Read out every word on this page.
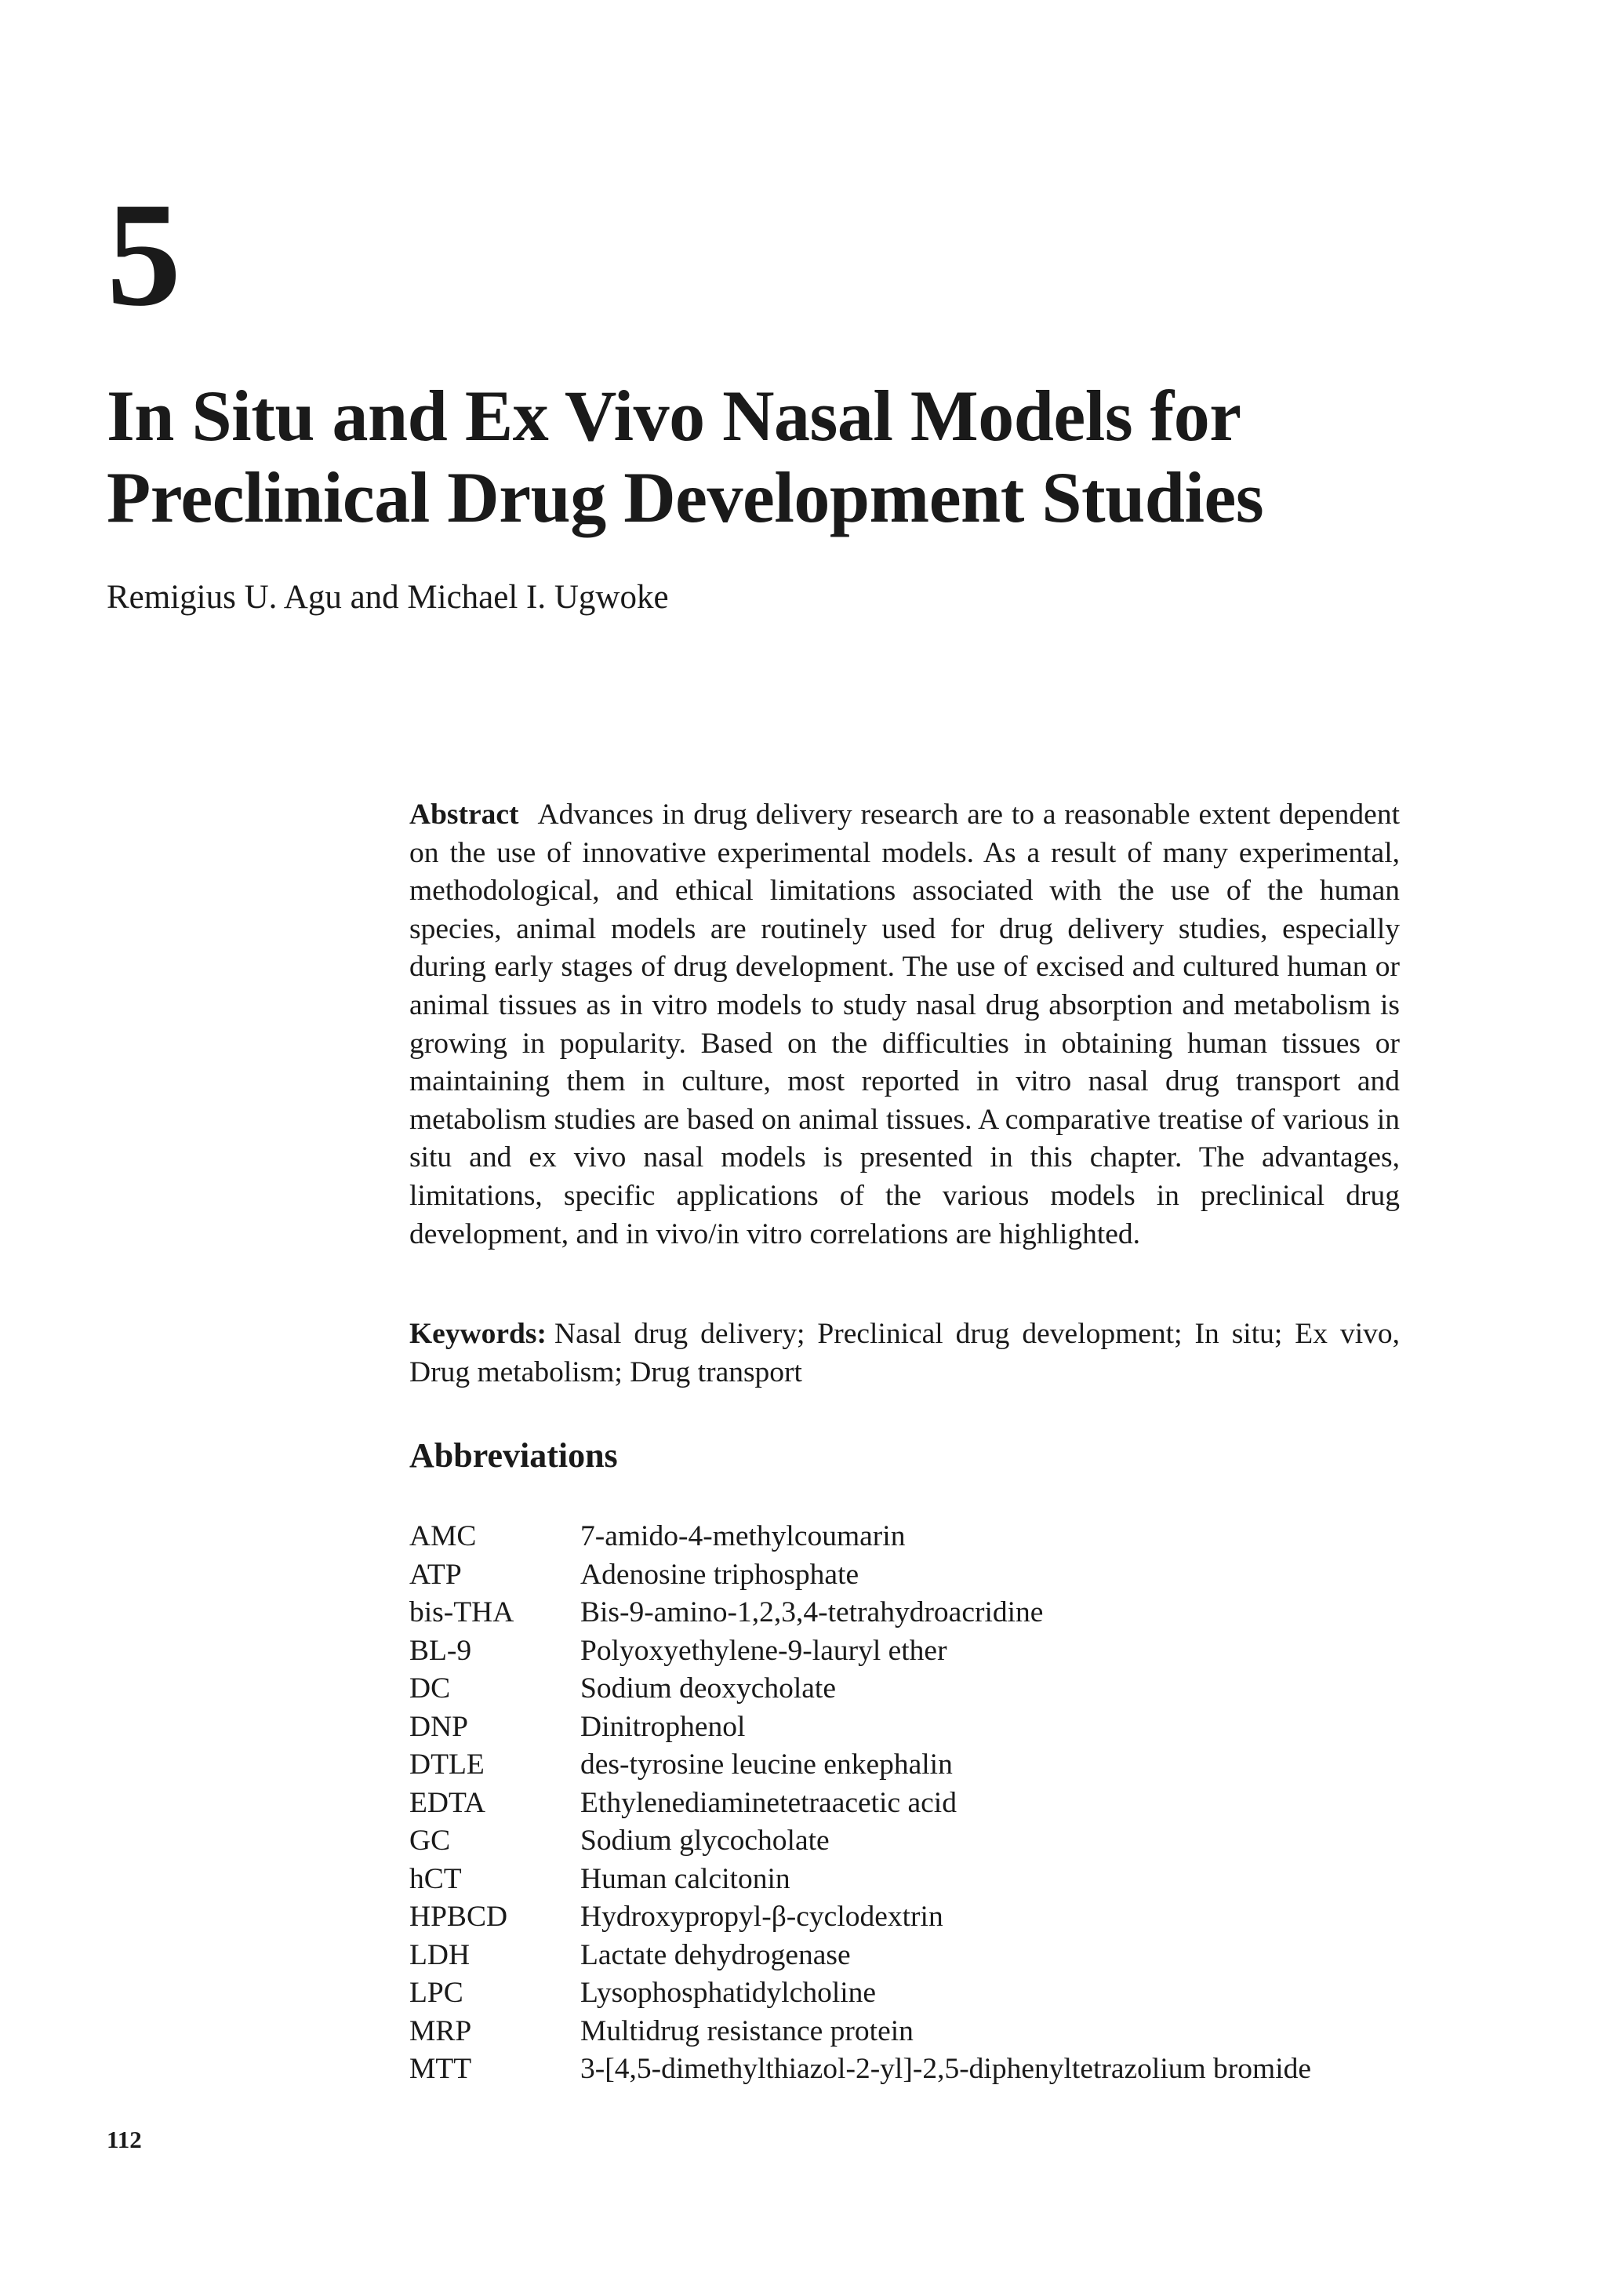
5
In Situ and Ex Vivo Nasal Models for
Preclinical Drug Development Studies

Remigius U. Agu and Michael I. Ugwoke

Abstract Advances in drug delivery research are to a reasonable extent dependent on the use of innovative experimental models. As a result of many experimental, methodological, and ethical limitations associated with the use of the human species, animal models are routinely used for drug delivery studies, especially during early stages of drug development. The use of excised and cultured human or animal tissues as in vitro models to study nasal drug absorption and metabolism is growing in popularity. Based on the difficulties in obtaining human tissues or maintaining them in culture, most reported in vitro nasal drug transport and metabolism studies are based on animal tissues. A comparative treatise of various in situ and ex vivo nasal models is presented in this chapter. The advantages, limitations, specific applications of the various models in preclinical drug development, and in vivo/in vitro correlations are highlighted.

Keywords: Nasal drug delivery; Preclinical drug development; In situ; Ex vivo, Drug metabolism; Drug transport

Abbreviations
AMC	7-amido-4-methylcoumarin
ATP	Adenosine triphosphate
bis-THA	Bis-9-amino-1,2,3,4-tetrahydroacridine
BL-9	Polyoxyethylene-9-lauryl ether
DC	Sodium deoxycholate
DNP	Dinitrophenol
DTLE	des-tyrosine leucine enkephalin
EDTA	Ethylenediaminetetraacetic acid
GC	Sodium glycocholate
hCT	Human calcitonin
HPBCD	Hydroxypropyl-β-cyclodextrin
LDH	Lactate dehydrogenase
LPC	Lysophosphatidylcholine
MRP	Multidrug resistance protein
MTT	3-[4,5-dimethylthiazol-2-yl]-2,5-diphenyltetrazolium bromide
112
